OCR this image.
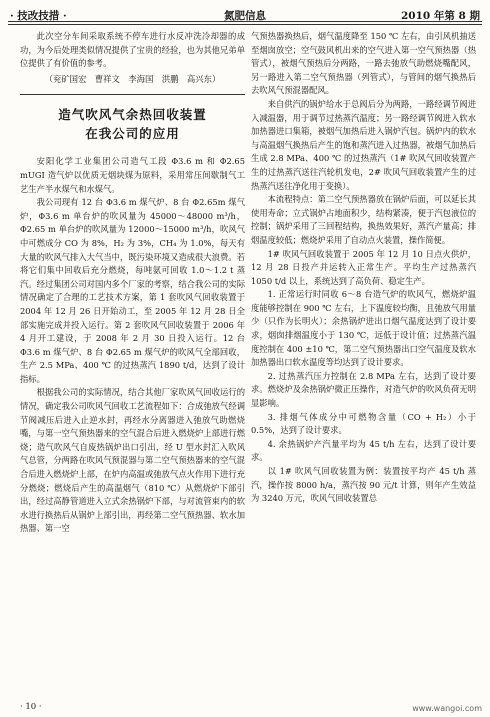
· 技改技措 ·	氮肥信息	2010 年第 8 期

此次空分车间采取系统不停车进行水反冲洗冷却器的成功，为今后处理类似情况提供了宝贵的经验，也为其他兄弟单位提供了有价值的参考。

（兖矿国宏　曹祥文　李海国　洪鹏　高兴东）
造气吹风气余热回收装置
在我公司的应用

安阳化学工业集团公司造气工段 Φ3.6 m 和 Φ2.65 mUGI 造气炉以优质无烟块煤为原料，采用常压间歇制气工艺生产半水煤气和水煤气。

我公司现有 12 台 Φ3.6 m 煤气炉、8 台 Φ2.65m 煤气炉，Φ3.6 m 单台炉的吹风量为 45000～48000 m³/h，Φ2.65 m 单台炉的吹风量为 12000～15000 m³/h，吹风气中可燃成分 CO 为 8%，H₂ 为 3%，CH₄ 为 1.0%，每天有大量的吹风气排入大气当中，既污染环境又造成很大浪费。若将它们集中回收后充分燃烧，每吨氨可回收 1.0～1.2 t 蒸汽。经过集团公司对国内多个厂家的考察，结合我公司的实际情况确定了合理的工艺技术方案，第 1 套吹风气回收装置于 2004 年 12 月 26 日开始动工，至 2005 年 12 月 28 日全部实施完成并投入运行。第 2 套吹风气回收装置于 2006 年 4 月开工建设，于 2008 年 2 月 30 日投入运行。12 台 Φ3.6 m 煤气炉、8 台 Φ2.65 m 煤气炉的吹风气全部回收，生产 2.5 MPa、400 ℃ 的过热蒸汽 1890 t/d，达到了设计指标。

根据我公司的实际情况，结合其他厂家吹风气回收运行的情况，确定我公司吹风气回收工艺流程如下：合成弛放气经调节阀减压后进入止逆水封，再经水分离器进入弛放气助燃烧嘴，与第一空气预热器来的空气混合后进入燃烧炉上部进行燃烧；造气吹风气自废热锅炉出口引出，经 U 型水封汇入吹风气总管，分两路在吹风气预混器与第二空气预热器来的空气混合后进入燃烧炉上部，在炉内高温或弛放气点火作用下进行充分燃烧；燃烧后产生的高温烟气（810 ℃）从燃烧炉下部引出，经过高静管道进入立式余热锅炉下部，与对流管束内的软水进行换热后从锅炉上部引出，再经第二空气预热器、软水加热器、第一空

气预热器换热后，烟气温度降至 150 ℃ 左右，由引风机抽送至烟囱放空；空气鼓风机出来的空气进入第一空气预热器（热管式），被烟气预热后分两路，一路去弛放气助燃烧嘴配风，另一路进入第二空气预热器（列管式），与管间的烟气换热后去吹风气预混器配风。

来自供汽的锅炉给水于总阀后分为两路，一路经调节阀进入减温器，用于调节过热蒸汽温度；另一路经调节阀进入软水加热器进口集箱，被烟气加热后进入锅炉汽包。锅炉内的软水与高温烟气换热后产生的饱和蒸汽进入过热器，被烟气加热后生成 2.8 MPa、400 ℃ 的过热蒸汽（1# 吹风气回收装置产生的过热蒸汽送往汽轮机发电，2# 吹风气回收装置产生的过热蒸汽送往净化用于变换）。

本流程特点：第二空气预热器放在锅炉后面，可以延长其使用寿命；立式锅炉占地面积少，结构紧凑，便于汽包液位的控制；锅炉采用了三回程结构，换热效果好，蒸汽产量高；排烟温度较低；燃烧炉采用了自动点火装置，操作简便。

1# 吹风气回收装置于 2005 年 12 月 10 日点火供炉，12 月 28 日投产并运转入正常生产。平均生产过热蒸汽 1050 t/d 以上，系统达到了高负荷、稳定生产。

1. 正常运行时同收 6～8 台造气炉的吹风气，燃烧炉温度能够控制在 900 ℃ 左右，上下温度较均衡，且弛放气用量少（只作为长明火）；余热锅炉进出口烟气温度达到了设计要求，烟囱排烟温度小于 130 ℃，远低于设计值；过热蒸汽温度控制在 400 ±10 ℃，第二空气预热器出口空气温度及软水加热器出口软水温度等均达到了设计要求。

2. 过热蒸汽压力控制在 2.8 MPa 左右，达到了设计要求。燃烧炉及余热锅炉微正压操作，对造气炉的吹风负荷无明显影响。

3. 排烟气体成分中可燃物含量（CO + H₂）小于 0.5%，达到了设计要求。

4. 余热锅炉产汽量平均为 45 t/h 左右，达到了设计要求。

以 1# 吹风气回收装置为例：装置按平均产 45 t/h 蒸汽，操作按 8000 h/a，蒸汽按 90 元/t 计算，则年产生效益为 3240 万元，吹风气回收装置总

· 10 ·	www.wangoi.com
